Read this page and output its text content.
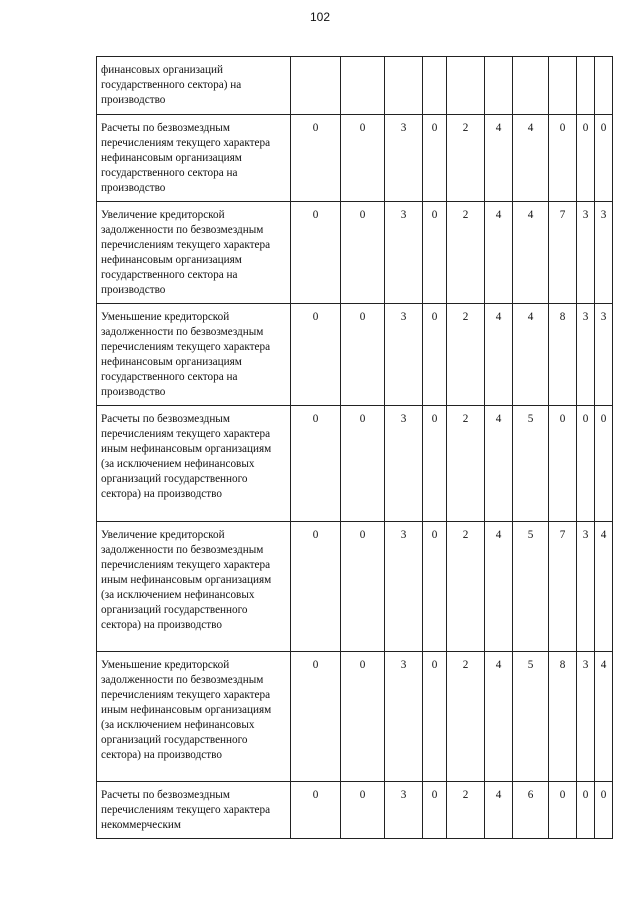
102
финансовых организаций государственного сектора) на производство										
Расчеты по безвозмездным перечислениям текущего характера нефинансовым организациям государственного сектора на производство	0	0	3	0	2	4	4	0	0	0
Увеличение кредиторской задолженности по безвозмездным перечислениям текущего характера нефинансовым организациям государственного сектора на производство	0	0	3	0	2	4	4	7	3	3
Уменьшение кредиторской задолженности по безвозмездным перечислениям текущего характера нефинансовым организациям государственного сектора на производство	0	0	3	0	2	4	4	8	3	3
Расчеты по безвозмездным перечислениям текущего характера иным нефинансовым организациям (за исключением нефинансовых организаций государственного сектора) на производство	0	0	3	0	2	4	5	0	0	0
Увеличение кредиторской задолженности по безвозмездным перечислениям текущего характера иным нефинансовым организациям (за исключением нефинансовых организаций государственного сектора) на производство	0	0	3	0	2	4	5	7	3	4
Уменьшение кредиторской задолженности по безвозмездным перечислениям текущего характера иным нефинансовым организациям (за исключением нефинансовых организаций государственного сектора) на производство	0	0	3	0	2	4	5	8	3	4
Расчеты по безвозмездным перечислениям текущего характера некоммерческим	0	0	3	0	2	4	6	0	0	0
